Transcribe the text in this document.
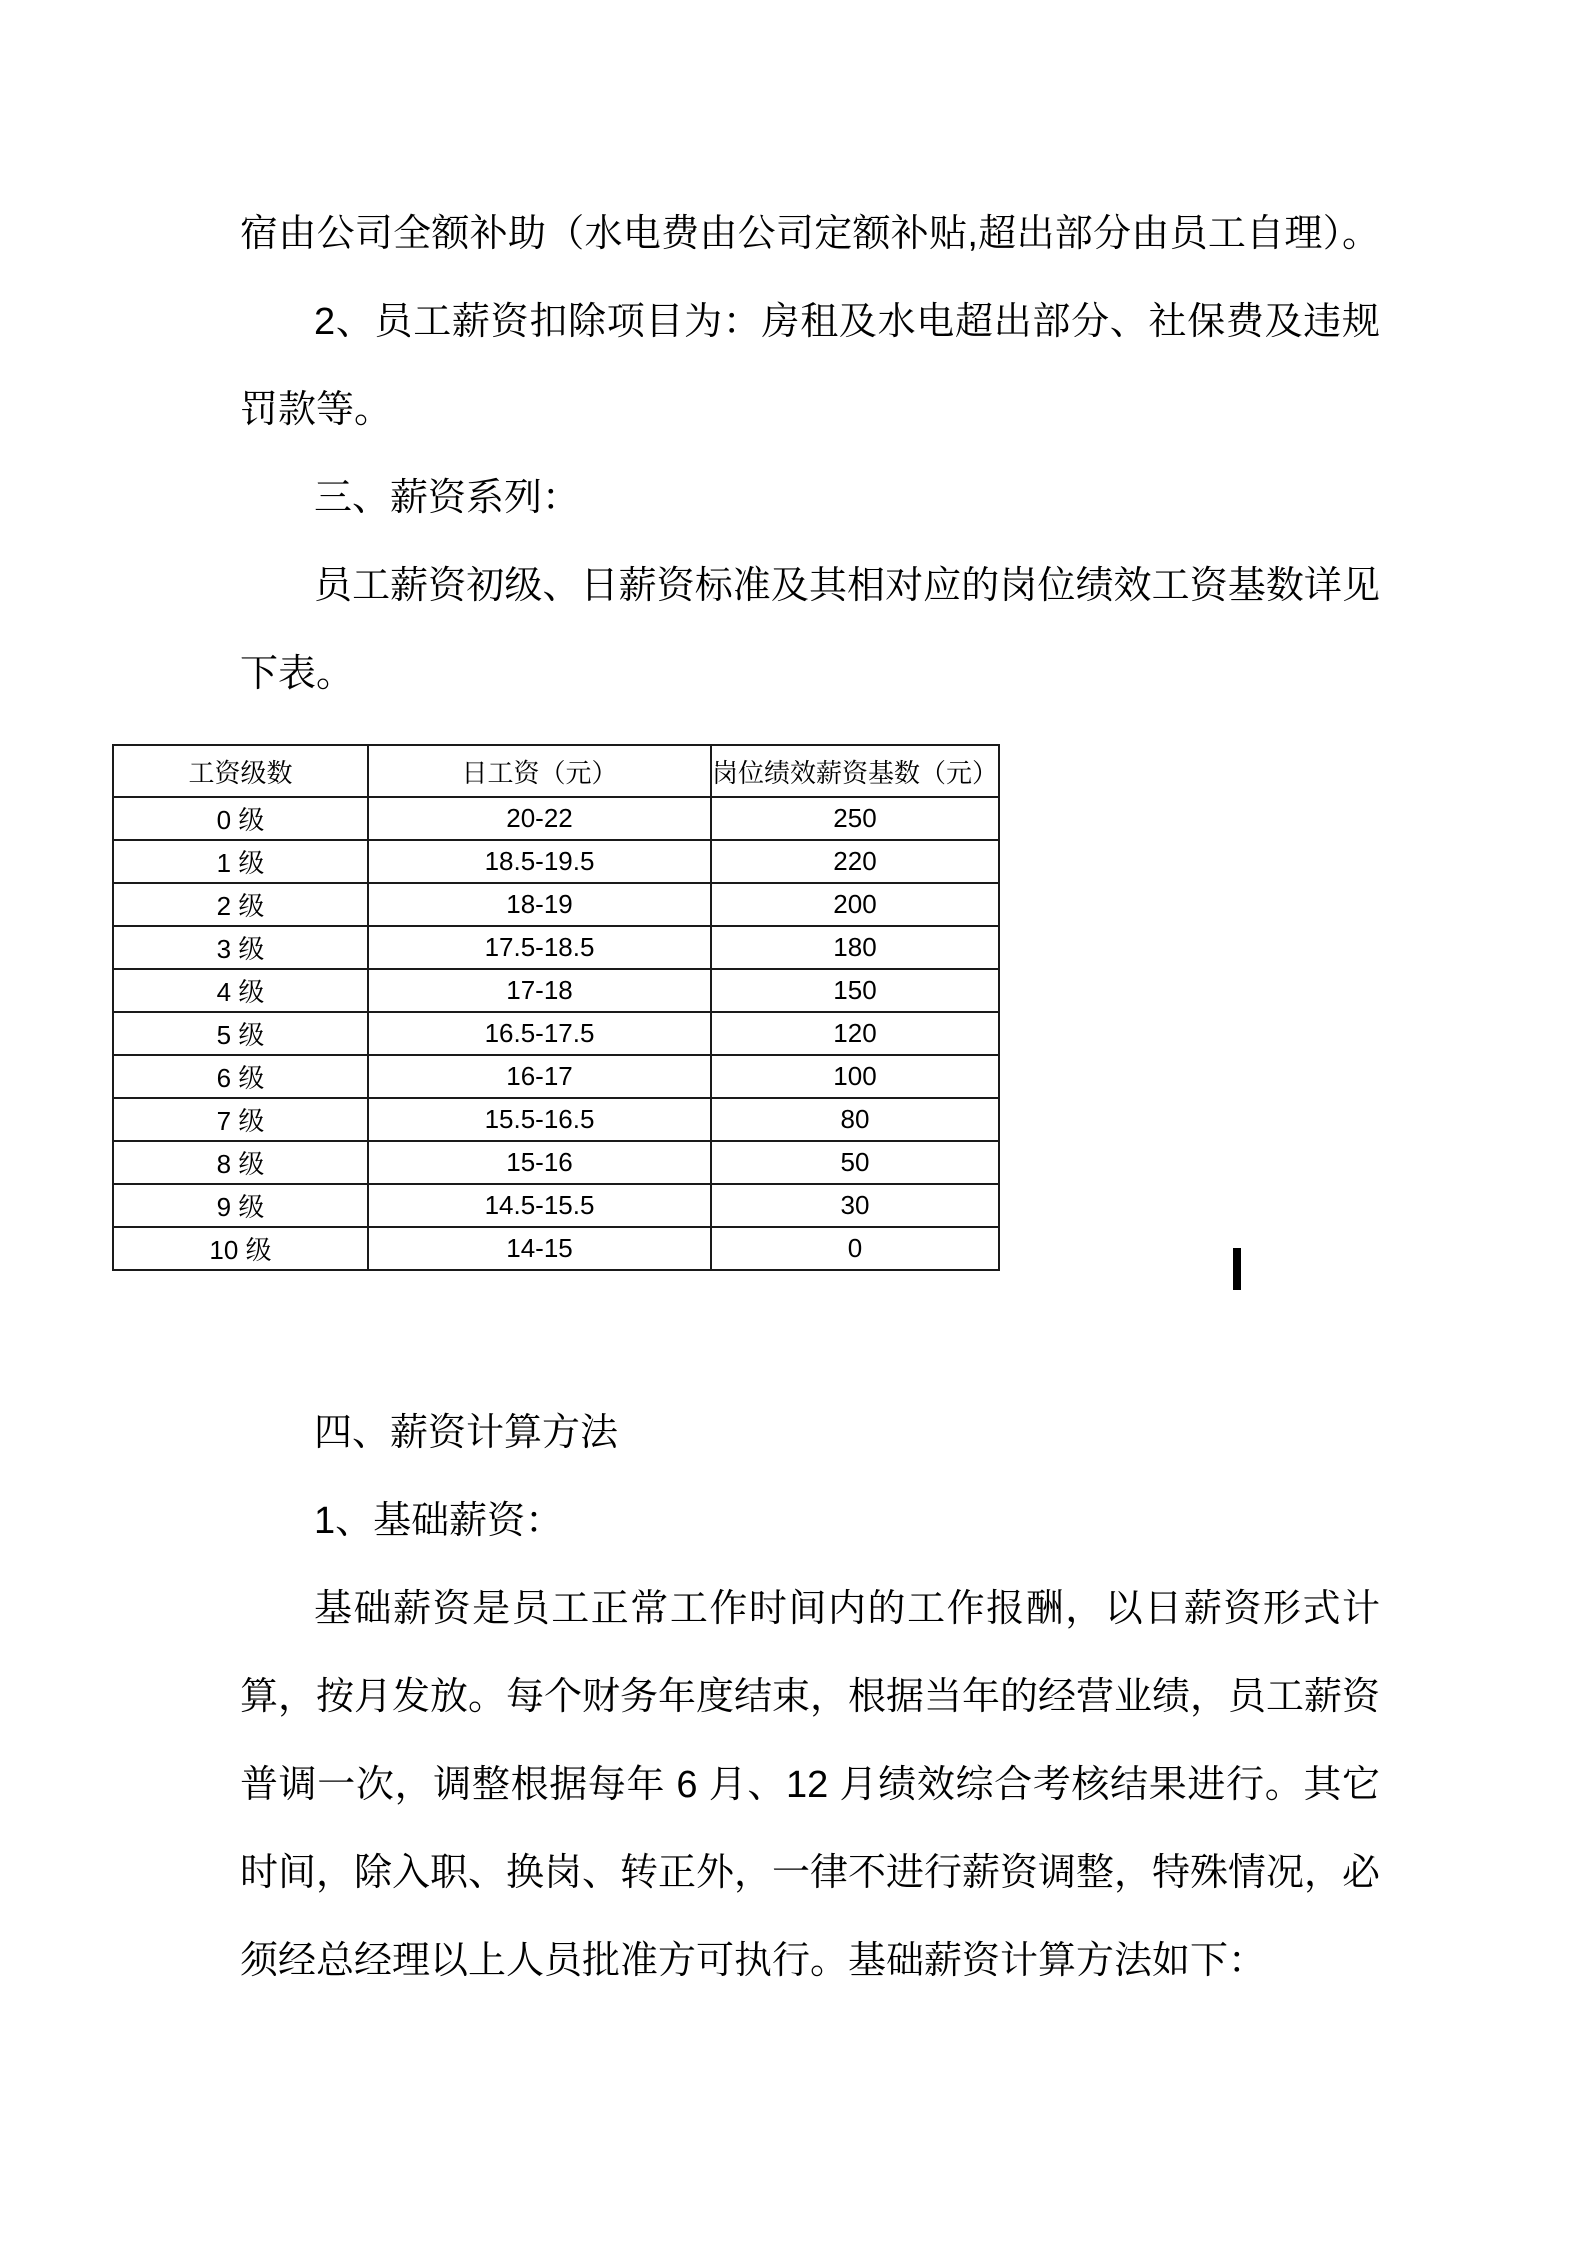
宿由公司全额补助（水电费由公司定额补贴,超出部分由员工自理）。
2、员工薪资扣除项目为：房租及水电超出部分、社保费及违规
罚款等。
三、薪资系列：
员工薪资初级、日薪资标准及其相对应的岗位绩效工资基数详见
下表。
工资级数	日工资（元）	岗位绩效薪资基数（元）
0 级	20-22	250
1 级	18.5-19.5	220
2 级	18-19	200
3 级	17.5-18.5	180
4 级	17-18	150
5 级	16.5-17.5	120
6 级	16-17	100
7 级	15.5-16.5	80
8 级	15-16	50
9 级	14.5-15.5	30
10 级	14-15	0
四、薪资计算方法
1、基础薪资：
基础薪资是员工正常工作时间内的工作报酬，以日薪资形式计
算，按月发放。每个财务年度结束，根据当年的经营业绩，员工薪资
普调一次，调整根据每年 6 月、12 月绩效综合考核结果进行。其它
时间，除入职、换岗、转正外，一律不进行薪资调整，特殊情况，必
须经总经理以上人员批准方可执行。基础薪资计算方法如下：
